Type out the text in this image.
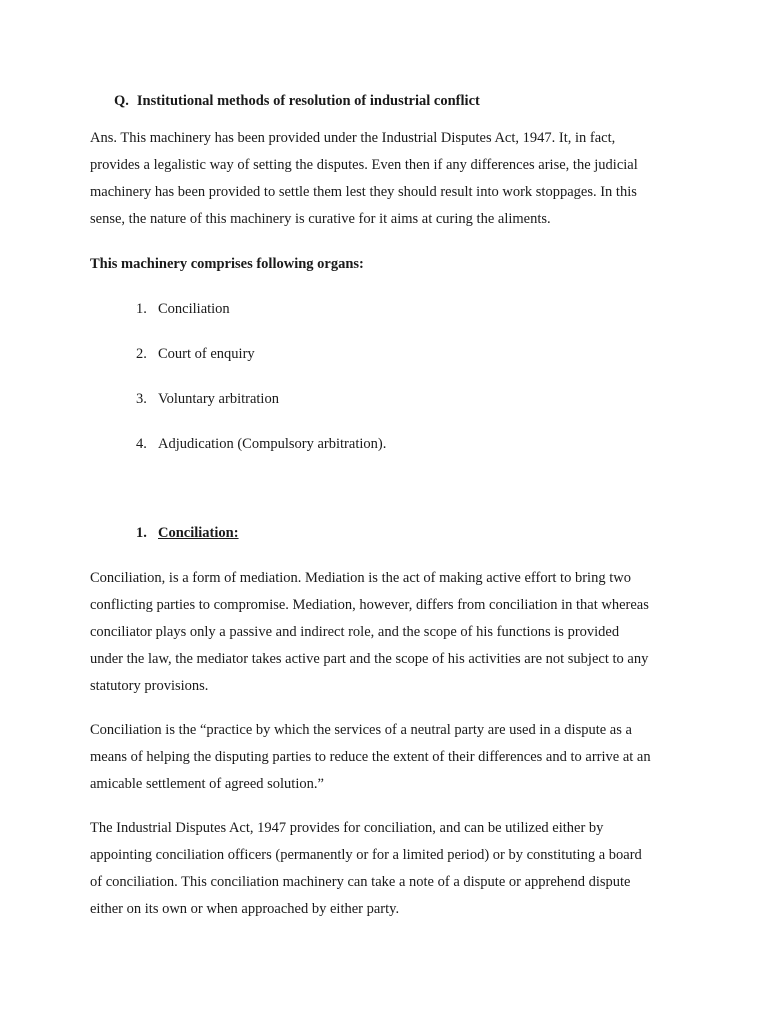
Q. Institutional methods of resolution of industrial conflict

Ans. This machinery has been provided under the Industrial Disputes Act, 1947. It, in fact,
provides a legalistic way of setting the disputes. Even then if any differences arise, the judicial
machinery has been provided to settle them lest they should result into work stoppages. In this
sense, the nature of this machinery is curative for it aims at curing the aliments.

This machinery comprises following organs:
1. Conciliation
2. Court of enquiry
3. Voluntary arbitration
4. Adjudication (Compulsory arbitration).
1. Conciliation:

Conciliation, is a form of mediation. Mediation is the act of making active effort to bring two
conflicting parties to compromise. Mediation, however, differs from conciliation in that whereas
conciliator plays only a passive and indirect role, and the scope of his functions is provided
under the law, the mediator takes active part and the scope of his activities are not subject to any
statutory provisions.

Conciliation is the “practice by which the services of a neutral party are used in a dispute as a
means of helping the disputing parties to reduce the extent of their differences and to arrive at an
amicable settlement of agreed solution.”

The Industrial Disputes Act, 1947 provides for conciliation, and can be utilized either by
appointing conciliation officers (permanently or for a limited period) or by constituting a board
of conciliation. This conciliation machinery can take a note of a dispute or apprehend dispute
either on its own or when approached by either party.
